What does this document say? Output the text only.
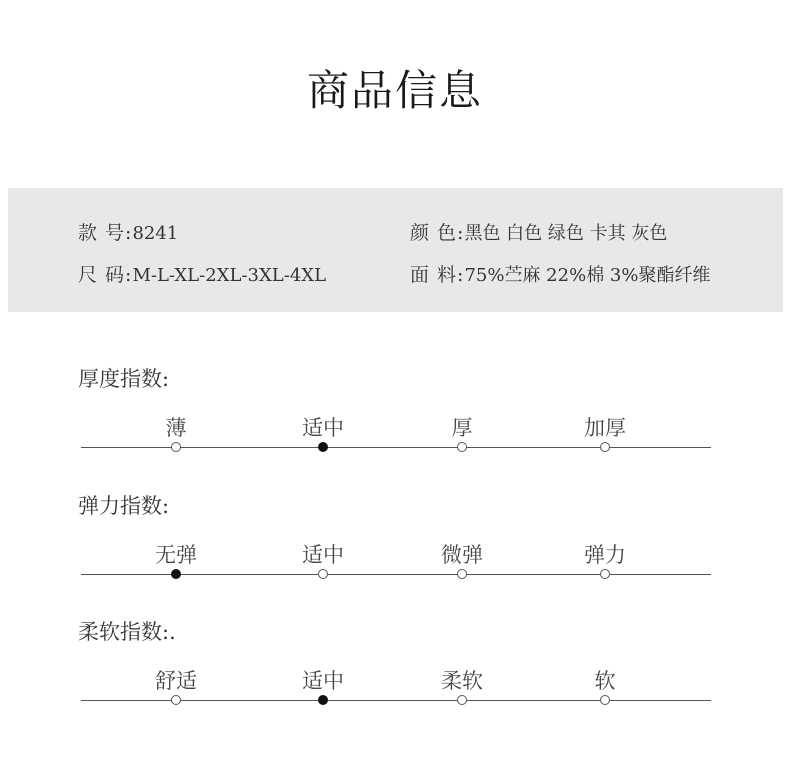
商品信息
款 号:8241
尺 码:M-L-XL-2XL-3XL-4XL
颜 色:黑色 白色 绿色 卡其 灰色
面 料:75%苎麻 22%棉 3%聚酯纤维
厚度指数:
薄	适中	厚	加厚
弹力指数:
无弹	适中	微弹	弹力
柔软指数:.
舒适	适中	柔软	软
